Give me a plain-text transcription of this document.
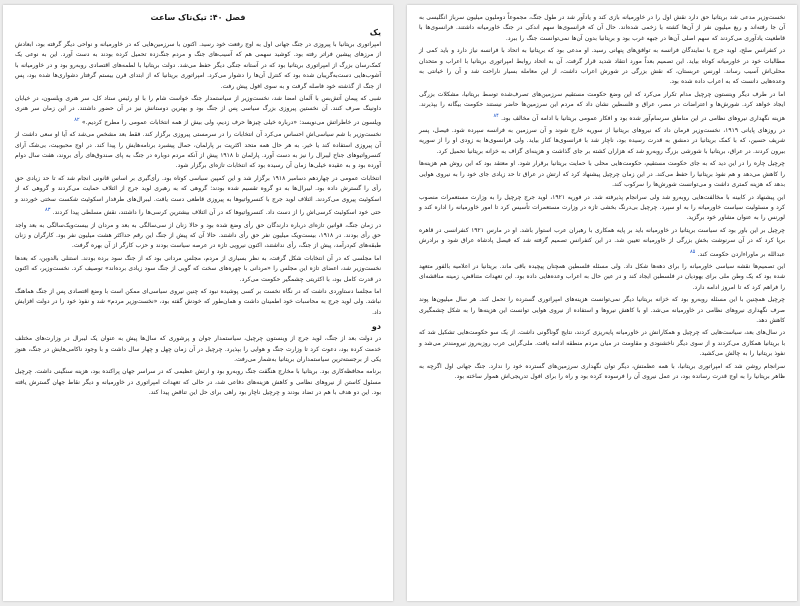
فصل ۴۰: تیک‌تاک ساعت
یک

امپراتوری بریتانیا با پیروزی در جنگ جهانی اول به اوج رفعت خود رسید. اکنون با سرزمین‌هایی که در خاورمیانه و نواحی دیگر گرفته بود، ابعادش از مرزهای پیشین فراتر رفته بود. کوشید سهمی هم که آسیب‌های جنگ و مردم جنگ‌زده تحمیل کرده بودند به دست آورد. این به نوعی یک کمک‌رسان بزرگ از امپراتوری بریتانیا بود که در آستانه جنگی دیگر حفظ می‌شد. دولت بریتانیا با لطمه‌های اقتصادی روبه‌رو بود و در خاورمیانه با آشوب‌هایی دست‌به‌گریبان شده بود که کنترل آن‌ها را دشوار می‌کرد. امپراتوری بریتانیا که از ابتدای قرن بیستم گرفتار دشواری‌ها شده بود، پس از جنگ از گذشته خود فاصله گرفت و به سوی افول پیش رفت.

شبی که پیمان آتش‌بس با آلمان امضا شد، نخست‌وزیر از سیاستمدار جنگ خواست شام را با او رئیس ستاد کل، سر هنری ویلسون، در خیابان داونینگ صرف کنند. آن نخستین پیروزی بزرگ سیاسی پس از جنگ بود و بهترین دوستانش نیز در آن حضور داشتند. در این زمان سر هنری ویلسون در خاطراتش می‌نویسد: «درباره خیلی چیزها حرف زدیم، ولی بیش از همه انتخابات عمومی را مطرح کردیم.» $^{۸۲}$

نخست‌وزیر با شم سیاسی‌اش احساس می‌کرد آن انتخابات را در سرمستی پیروزی برگزار کند. فقط بعد مشخص می‌شد که آیا او سعی داشت از آن پیروزی استفاده کند یا خیر. به هر حال همه متحد اکثریت بر پارلمان، حمال پیشبرد برنامه‌هایش را پیدا کند. در اوج محبوبیت، بی‌شک آرای کنسرواتیوهای جناح لیبرال را نیز به دست آورد. پارلمان تا ۱۹۱۸ پیش از آنکه مردم دوباره در جنگ به پای صندوق‌های رأی بروند، هفت سال دوام آورده بود و به عقیده خیلی‌ها زمان آن رسیده بود که انتخابات تازه‌ای برگزار شود.

انتخابات عمومی در چهاردهم دسامبر ۱۹۱۸ برگزار شد و این کمپین سیاسی کوتاه بود. رأی‌گیری بر اساس قانونی انجام شد که تا حد زیادی حق رأی را گسترش داده بود. لیبرال‌ها به دو گروه تقسیم شده بودند: گروهی که به رهبری لوید جرج از ائتلاف حمایت می‌کردند و گروهی که از اسکوئیث پیروی می‌کردند. ائتلاف لوید جرج با کنسرواتیوها به پیروزی قاطعی دست یافت. لیبرال‌های طرفدار اسکوئیث شکست سختی خوردند و حتی خود اسکوئیث کرسی‌اش را از دست داد. کنسرواتیوها که در آن ائتلاف بیشترین کرسی‌ها را داشتند، نقش مسلطی پیدا کردند. $^{۸۳}$

در زمان جنگ، قوانین تازه‌ای درباره دارندگان حق رأی وضع شده بود و حالا زنان از سی‌سالگی به بعد و مردان از بیست‌ویک‌سالگی به بعد واجد حق رأی بودند. در ۱۹۱۸، بیست‌ویک میلیون نفر حق رأی داشتند. حالا آن که پیش از جنگ این رقم حداکثر هشت میلیون نفر بود. کارگران و زنان طبقه‌های کم‌درآمد، پیش از جنگ، رأی نداشتند، اکنون نیرویی تازه در عرصه سیاست بودند و حزب کارگر از آن بهره گرفت.

اما مجلسی که در آن انتخابات شکل گرفت، به نظر بسیاری از مردم، مجلس مردانی بود که از جنگ سود برده بودند. استنلی بالدوین، که بعدها نخست‌وزیر شد، اعضای تازه این مجلس را «مردانی با چهره‌های سخت که گویی از جنگ سود زیادی برده‌اند» توصیف کرد. نخست‌وزیر، که اکنون در قدرت کامل بود، با اکثریتی چشمگیر حکومت می‌کرد.

اما مجلسا دستاوردی داشت که در نگاه نخست بر کسی پوشیده نبود که چنین نیروی سیاسی‌ای ممکن است با وضع اقتصادی پس از جنگ هماهنگ نباشد. ولی لوید جرج به محاسبات خود اطمینان داشت و همان‌طور که خودش گفته بود، «نخست‌وزیر مردم» شد و نفوذ خود را در دولت افزایش داد.

دو

در دولت بعد از جنگ، لوید جرج از وینستون چرچیل، سیاستمدار جوان و پرشوری که سال‌ها پیش به عنوان یک لیبرال در وزارت‌های مختلف خدمت کرده بود، دعوت کرد تا وزارت جنگ و هوایی را بپذیرد. چرچیل در آن زمان چهل و چهار سال داشت و با وجود ناکامی‌هایش در جنگ، هنوز یکی از برجسته‌ترین سیاستمداران بریتانیا به‌شمار می‌رفت.

برنامه محافظه‌کاری بود. بریتانیا با مخارج هنگفت جنگ روبه‌رو بود و ارتش عظیمی که در سراسر جهان پراکنده بود، هزینه سنگینی داشت. چرچیل مسئول کاستن از نیروهای نظامی و کاهش هزینه‌های دفاعی شد، در حالی که تعهدات امپراتوری در خاورمیانه و دیگر نقاط جهان گسترش یافته بود. این دو هدف با هم در تضاد بودند و چرچیل ناچار بود راهی برای حل این تناقض پیدا کند.

نخست‌وزیر مدعی شد بریتانیا حق دارد نقش اول را در خاورمیانه بازی کند و یادآور شد در طول جنگ، مجموعاً دوملیون میلیون سرباز انگلیسی به آن جا رفته‌اند و ربع میلیون نفر از آن‌ها کشته یا زخمی شده‌اند. حال آن که فرانسوی‌ها سهم اندکی در جنگ خاورمیانه داشتند. فرانسوی‌ها با قاطعیت یادآوری می‌کردند که سهم اصلی آن‌ها در جبهه غرب بود و بریتانیا بدون آن‌ها نمی‌توانست جنگ را ببرد.

در کنفرانس صلح، لوید جرج با نمایندگان فرانسه به توافق‌های پنهانی رسید. او مدعی بود که بریتانیا به اتحاد با فرانسه نیاز دارد و باید کمی از مطالبات خود در خاورمیانه کوتاه بیاید. این تصمیم بعداً مورد انتقاد شدید قرار گرفت. آن به اتحاد روابط امپراتوری بریتانیا با اعراب و متحدان محلی‌اش آسیب رساند. لورنس عربستان، که نقش بزرگی در شورش اعراب داشت، از این معامله بسیار ناراحت شد و آن را خیانتی به وعده‌هایی دانست که به اعراب داده شده بود.

اما در طرف دیگر وینستون چرچیل مدام تکرار می‌کرد که این وضع حکومت مستقیم سرزمین‌های تصرف‌شده توسط بریتانیا، مشکلات بزرگی ایجاد خواهد کرد. شورش‌ها و اعتراضات در مصر، عراق و فلسطین نشان داد که مردم این سرزمین‌ها حاضر نیستند حکومت بیگانه را بپذیرند. هزینه نگهداری نیروهای نظامی در این مناطق سرسام‌آور شده بود و افکار عمومی بریتانیا با ادامه آن مخالف بود. $^{۸۴}$

در روزهای پایانی ۱۹۱۹، نخست‌وزیر فرمان داد که نیروهای بریتانیا از سوریه خارج شوند و آن سرزمین به فرانسه سپرده شود. فیصل، پسر شریف حسین، که با کمک بریتانیا در دمشق به قدرت رسیده بود، ناچار شد با فرانسوی‌ها کنار بیاید. ولی فرانسوی‌ها به زودی او را از سوریه بیرون کردند. در عراق، بریتانیا با شورشی بزرگ روبه‌رو شد که هزاران کشته بر جای گذاشت و هزینه‌ای گزاف به خزانه بریتانیا تحمیل کرد.

چرچیل چاره را در این دید که به جای حکومت مستقیم، حکومت‌هایی محلی با حمایت بریتانیا برقرار شود. او معتقد بود که این روش هم هزینه‌ها را کاهش می‌دهد و هم نفوذ بریتانیا را حفظ می‌کند. در این زمان چرچیل پیشنهاد کرد که ارتش در عراق تا حد زیادی جای خود را به نیروی هوایی بدهد که هزینه کمتری داشت و می‌توانست شورش‌ها را سرکوب کند.

این پیشنهاد در کابینه با مخالفت‌هایی روبه‌رو شد ولی سرانجام پذیرفته شد. در فوریه ۱۹۲۱، لوید جرج چرچیل را به وزارت مستعمرات منصوب کرد و مسئولیت سیاست خاورمیانه را به او سپرد. چرچیل بی‌درنگ بخشی تازه در وزارت مستعمرات تأسیس کرد تا امور خاورمیانه را اداره کند و لورنس را به عنوان مشاور خود برگزید.

چرچیل بر این باور بود که سیاست بریتانیا در خاورمیانه باید بر پایه همکاری با رهبران عرب استوار باشد. او در مارس ۱۹۲۱ کنفرانسی در قاهره برپا کرد که در آن سرنوشت بخش بزرگی از خاورمیانه تعیین شد. در این کنفرانس تصمیم گرفته شد که فیصل پادشاه عراق شود و برادرش عبدالله بر ماوراءاردن حکومت کند. $^{۸۵}$

این تصمیم‌ها نقشه سیاسی خاورمیانه را برای دهه‌ها شکل داد. ولی مسئله فلسطین همچنان پیچیده باقی ماند. بریتانیا در اعلامیه بالفور متعهد شده بود که یک وطن ملی برای یهودیان در فلسطین ایجاد کند و در عین حال به اعراب وعده‌هایی داده بود. این تعهدات متناقض، زمینه مناقشه‌ای را فراهم کرد که تا امروز ادامه دارد.

چرچیل همچنین با این مسئله روبه‌رو بود که خزانه بریتانیا دیگر نمی‌توانست هزینه‌های امپراتوری گسترده را تحمل کند. هر سال میلیون‌ها پوند صرف نگهداری نیروهای نظامی در خاورمیانه می‌شد. او با کاهش نیروها و استفاده از نیروی هوایی توانست این هزینه‌ها را به شکل چشمگیری کاهش دهد.

در سال‌های بعد، سیاست‌هایی که چرچیل و همکارانش در خاورمیانه پایه‌ریزی کردند، نتایج گوناگونی داشت. از یک سو حکومت‌هایی تشکیل شد که با بریتانیا همکاری می‌کردند و از سوی دیگر ناخشنودی و مقاومت در میان مردم منطقه ادامه یافت. ملی‌گرایی عرب روزبه‌روز نیرومندتر می‌شد و نفوذ بریتانیا را به چالش می‌کشید.

سرانجام روشن شد که امپراتوری بریتانیا، با همه عظمتش، دیگر توان نگهداری سرزمین‌های گسترده خود را ندارد. جنگ جهانی اول اگرچه به ظاهر بریتانیا را به اوج قدرت رسانده بود، در عمل نیروی آن را فرسوده کرده بود و راه را برای افول تدریجی‌اش هموار ساخته بود.
